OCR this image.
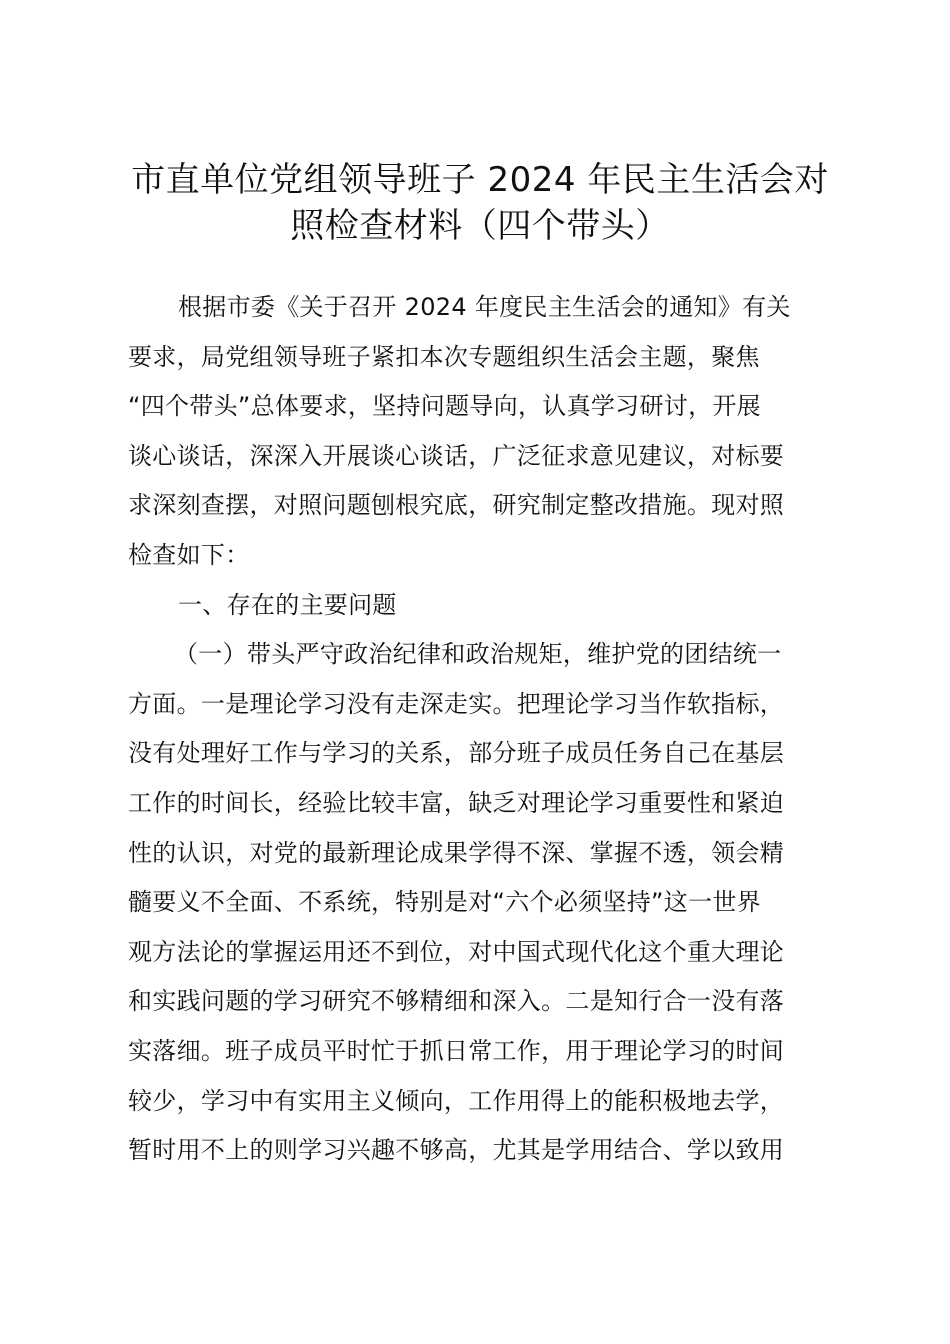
市直单位党组领导班子 2024 年民主生活会对
照检查材料（四个带头）
根据市委《关于召开 2024 年度民主生活会的通知》有关
要求，局党组领导班子紧扣本次专题组织生活会主题，聚焦
“四个带头”总体要求，坚持问题导向，认真学习研讨，开展
谈心谈话，深深入开展谈心谈话，广泛征求意见建议，对标要
求深刻查摆，对照问题刨根究底，研究制定整改措施。现对照
检查如下：
一、存在的主要问题
（一）带头严守政治纪律和政治规矩，维护党的团结统一
方面。一是理论学习没有走深走实。把理论学习当作软指标，
没有处理好工作与学习的关系，部分班子成员任务自己在基层
工作的时间长，经验比较丰富，缺乏对理论学习重要性和紧迫
性的认识，对党的最新理论成果学得不深、掌握不透，领会精
髓要义不全面、不系统，特别是对“六个必须坚持”这一世界
观方法论的掌握运用还不到位，对中国式现代化这个重大理论
和实践问题的学习研究不够精细和深入。二是知行合一没有落
实落细。班子成员平时忙于抓日常工作，用于理论学习的时间
较少，学习中有实用主义倾向，工作用得上的能积极地去学，
暂时用不上的则学习兴趣不够高，尤其是学用结合、学以致用
